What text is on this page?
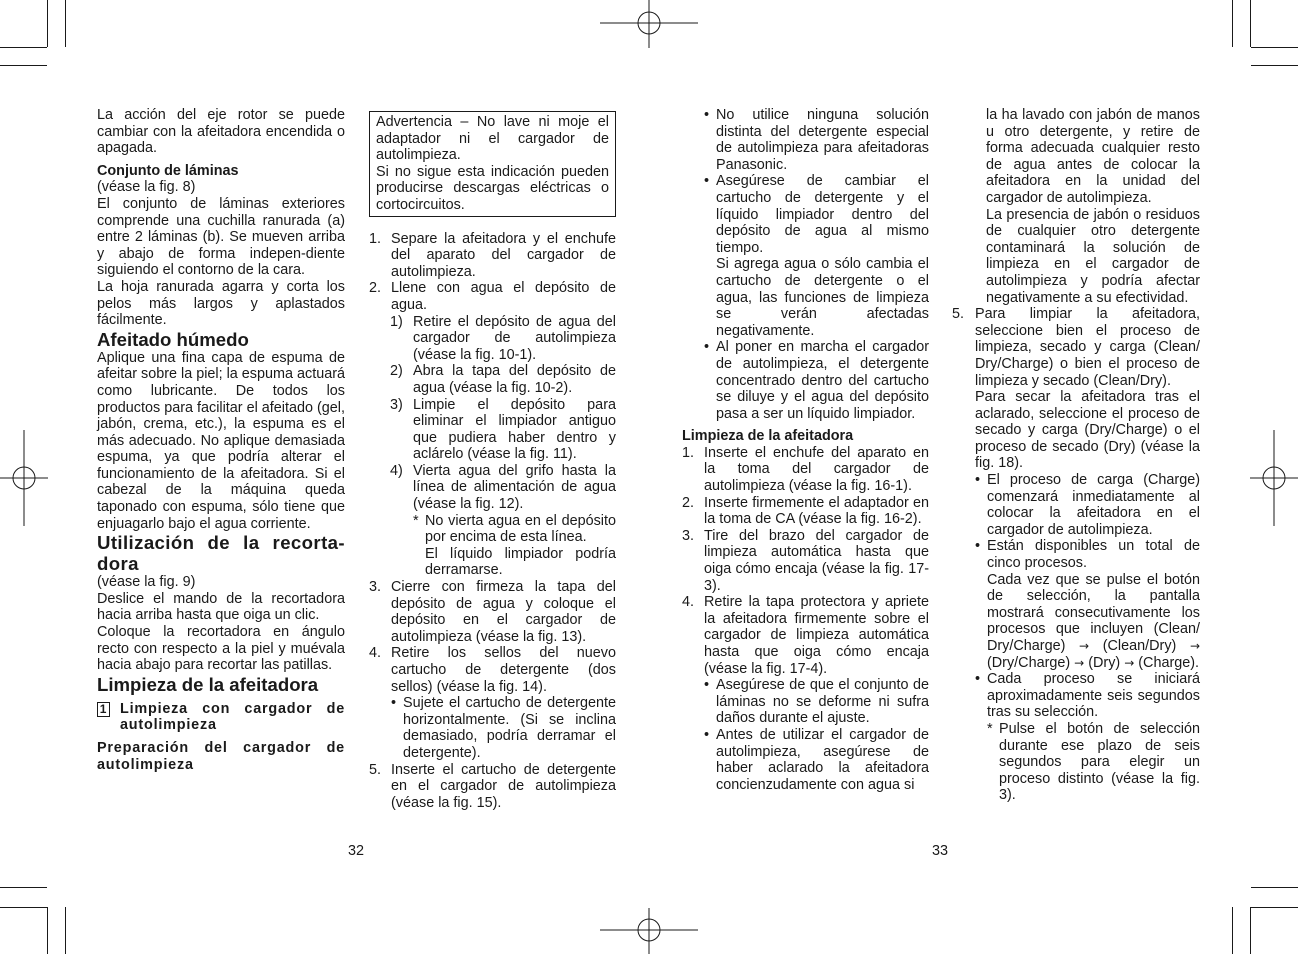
La acción del eje rotor se puede cambiar con la afeitadora encendida o apagada.

Conjunto de láminas

(véase la fig. 8)

El conjunto de láminas exteriores comprende una cuchilla ranurada (a) entre 2 láminas (b). Se mueven arriba y abajo de forma indepen-diente siguiendo el contorno de la cara.

La hoja ranurada agarra y corta los pelos más largos y aplastados fácilmente.

Afeitado húmedo

Aplique una fina capa de espuma de afeitar sobre la piel; la espuma actuará como lubricante. De todos los productos para facilitar el afeitado (gel, jabón, crema, etc.), la espuma es el más adecuado. No aplique demasiada espuma, ya que podría alterar el funcionamiento de la afeitadora. Si el cabezal de la máquina queda taponado con espuma, sólo tiene que enjuagarlo bajo el agua corriente.

Utilización de la recorta-dora

(véase la fig. 9)

Deslice el mando de la recortadora hacia arriba hasta que oiga un clic.

Coloque la recortadora en ángulo recto con respecto a la piel y muévala hacia abajo para recortar las patillas.

Limpieza de la afeitadora

1 Limpieza con cargador de autolimpieza

Preparación del cargador de autolimpieza

32

Advertencia – No lave ni moje el adaptador ni el cargador de autolimpieza.

Si no sigue esta indicación pueden producirse descargas eléctricas o cortocircuitos.

1. Separe la afeitadora y el enchufe del aparato del cargador de autolimpieza.
2. Llene con agua el depósito de agua.
1) Retire el depósito de agua del cargador de autolimpieza (véase la fig. 10-1).
2) Abra la tapa del depósito de agua (véase la fig. 10-2).
3) Limpie el depósito para eliminar el limpiador antiguo que pudiera haber dentro y aclárelo (véase la fig. 11).
4) Vierta agua del grifo hasta la línea de alimentación de agua (véase la fig. 12).
* No vierta agua en el depósito por encima de esta línea.

El líquido limpiador podría derramarse.

3. Cierre con firmeza la tapa del depósito de agua y coloque el depósito en el cargador de autolimpieza (véase la fig. 13).
4. Retire los sellos del nuevo cartucho de detergente (dos sellos) (véase la fig. 14).
• Sujete el cartucho de detergente horizontalmente. (Si se inclina demasiado, podría derramar el detergente).
5. Inserte el cartucho de detergente en el cargador de autolimpieza (véase la fig. 15).
• No utilice ninguna solución distinta del detergente especial de autolimpieza para afeitadoras Panasonic.
• Asegúrese de cambiar el cartucho de detergente y el líquido limpiador dentro del depósito de agua al mismo tiempo.

Si agrega agua o sólo cambia el cartucho de detergente o el agua, las funciones de limpieza se verán afectadas negativamente.

• Al poner en marcha el cargador de autolimpieza, el detergente concentrado dentro del cartucho se diluye y el agua del depósito pasa a ser un líquido limpiador.

Limpieza de la afeitadora

1. Inserte el enchufe del aparato en la toma del cargador de autolimpieza (véase la fig. 16-1).
2. Inserte firmemente el adaptador en la toma de CA (véase la fig. 16-2).
3. Tire del brazo del cargador de limpieza automática hasta que oiga cómo encaja (véase la fig. 17-3).
4. Retire la tapa protectora y apriete la afeitadora firmemente sobre el cargador de limpieza automática hasta que oiga cómo encaja (véase la fig. 17-4).
• Asegúrese de que el conjunto de láminas no se deforme ni sufra daños durante el ajuste.
• Antes de utilizar el cargador de autolimpieza, asegúrese de haber aclarado la afeitadora concienzudamente con agua si
33

la ha lavado con jabón de manos u otro detergente, y retire de forma adecuada cualquier resto de agua antes de colocar la afeitadora en la unidad del cargador de autolimpieza.

La presencia de jabón o residuos de cualquier otro detergente contaminará la solución de limpieza en el cargador de autolimpieza y podría afectar negativamente a su efectividad.

5. Para limpiar la afeitadora, seleccione bien el proceso de limpieza, secado y carga (Clean/ Dry/Charge) o bien el proceso de limpieza y secado (Clean/Dry).

Para secar la afeitadora tras el aclarado, seleccione el proceso de secado y carga (Dry/Charge) o el proceso de secado (Dry) (véase la fig. 18).

• El proceso de carga (Charge) comenzará inmediatamente al colocar la afeitadora en el cargador de autolimpieza.
• Están disponibles un total de cinco procesos.

Cada vez que se pulse el botón de selección, la pantalla mostrará consecutivamente los procesos que incluyen (Clean/ Dry/Charge) → (Clean/Dry) → (Dry/Charge) → (Dry) → (Charge).

• Cada proceso se iniciará aproximadamente seis segundos tras su selección.
* Pulse el botón de selección durante ese plazo de seis segundos para elegir un proceso distinto (véase la fig. 3).
